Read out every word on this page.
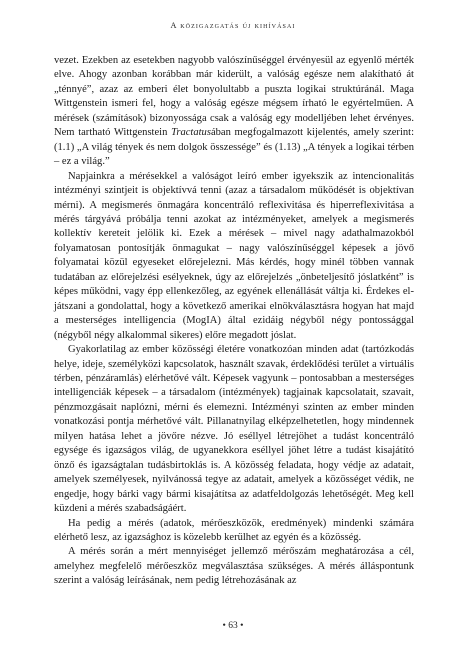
A közigazgatás új kihívásai

vezet. Ezekben az esetekben nagyobb valószínűséggel érvényesül az egyenlő mérték elve. Ahogy azonban korábban már kiderült, a valóság egésze nem alakítható át „ténnyé”, azaz az emberi élet bonyolultabb a puszta logikai struktúránál. Maga Wittgenstein ismeri fel, hogy a valóság egésze mégsem írható le egyértelműen. A mérések (számítások) bizonyossága csak a valóság egy modelljében lehet érvényes. Nem tartható Wittgenstein Tractatusában megfogalmazott kijelentés, amely szerint: (1.1) „A világ tények és nem dolgok összessége” és (1.13) „A tények a logikai térben – ez a világ.”

Napjainkra a mérésekkel a valóságot leíró ember igyekszik az intencionalitás intézményi szintjeit is objektívvá tenni (azaz a társadalom működését is objektívan mérni). A megismerés önmagára koncentráló reflexivitása és hiperreflexivitása a mérés tárgyává próbálja tenni azokat az intézményeket, amelyek a megismerés kollektív kereteit jelölik ki. Ezek a mérések – mivel nagy adathalmazokból folyamatosan pontosítják önmagukat – nagy valószínűséggel képesek a jövő folyamatai közül egyeseket előrejelezni. Más kérdés, hogy minél többen vannak tudatában az előrejelzési esélyeknek, úgy az előrejelzés „önbeteljesítő jóslatként” is képes működni, vagy épp ellenkezőleg, az egyének ellenállását váltja ki. Érdekes eljátszani a gondolattal, hogy a következő amerikai elnökválasztásra hogyan hat majd a mesterséges intelligencia (MogIA) által ezidáig négyből négy pontossággal (négyből négy alkalommal sikeres) előre megadott jóslat.

Gyakorlatilag az ember közösségi életére vonatkozóan minden adat (tartózkodás helye, ideje, személyközi kapcsolatok, használt szavak, érdeklődési terület a virtuális térben, pénzáramlás) elérhetővé vált. Képesek vagyunk – pontosabban a mesterséges intelligenciák képesek – a társadalom (intézmények) tagjainak kapcsolatait, szavait, pénzmozgásait naplózni, mérni és elemezni. Intézményi szinten az ember minden vonatkozási pontja mérhetővé vált. Pillanatnyilag elképzelhetetlen, hogy mindennek milyen hatása lehet a jövőre nézve. Jó eséllyel létrejöhet a tudást koncentráló egysége és igazságos világ, de ugyanekkora eséllyel jöhet létre a tudást kisajátító önző és igazságtalan tudásbirtoklás is. A közösség feladata, hogy védje az adatait, amelyek személyesek, nyilvánossá tegye az adatait, amelyek a közösséget védik, ne engedje, hogy bárki vagy bármi kisajátítsa az adatfeldolgozás lehetőségét. Meg kell küzdeni a mérés szabadságáért.

Ha pedig a mérés (adatok, mérőeszközök, eredmények) mindenki számára elérhető lesz, az igazsághoz is közelebb kerülhet az egyén és a közösség.

A mérés során a mért mennyiséget jellemző mérőszám meghatározása a cél, amelyhez megfelelő mérőeszköz megválasztása szükséges. A mérés álláspontunk szerint a valóság leírásának, nem pedig létrehozásának az

• 63 •
